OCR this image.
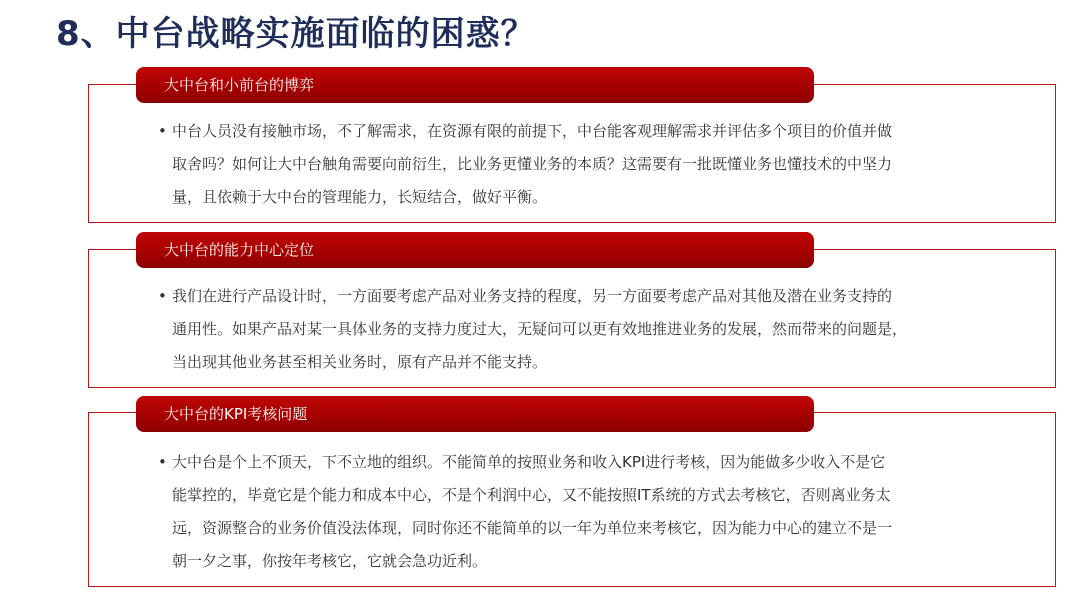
8、中台战略实施面临的困惑？
大中台和小前台的博弈
• 中台人员没有接触市场，不了解需求，在资源有限的前提下，中台能客观理解需求并评估多个项目的价值并做
取舍吗？如何让大中台触角需要向前衍生，比业务更懂业务的本质？这需要有一批既懂业务也懂技术的中坚力
量，且依赖于大中台的管理能力，长短结合，做好平衡。
大中台的能力中心定位
• 我们在进行产品设计时，一方面要考虑产品对业务支持的程度，另一方面要考虑产品对其他及潜在业务支持的
通用性。如果产品对某一具体业务的支持力度过大，无疑问可以更有效地推进业务的发展，然而带来的问题是，
当出现其他业务甚至相关业务时，原有产品并不能支持。
大中台的KPI考核问题
• 大中台是个上不顶天，下不立地的组织。不能简单的按照业务和收入KPI进行考核，因为能做多少收入不是它
能掌控的，毕竟它是个能力和成本中心，不是个利润中心，又不能按照IT系统的方式去考核它，否则离业务太
远，资源整合的业务价值没法体现，同时你还不能简单的以一年为单位来考核它，因为能力中心的建立不是一
朝一夕之事，你按年考核它，它就会急功近利。
